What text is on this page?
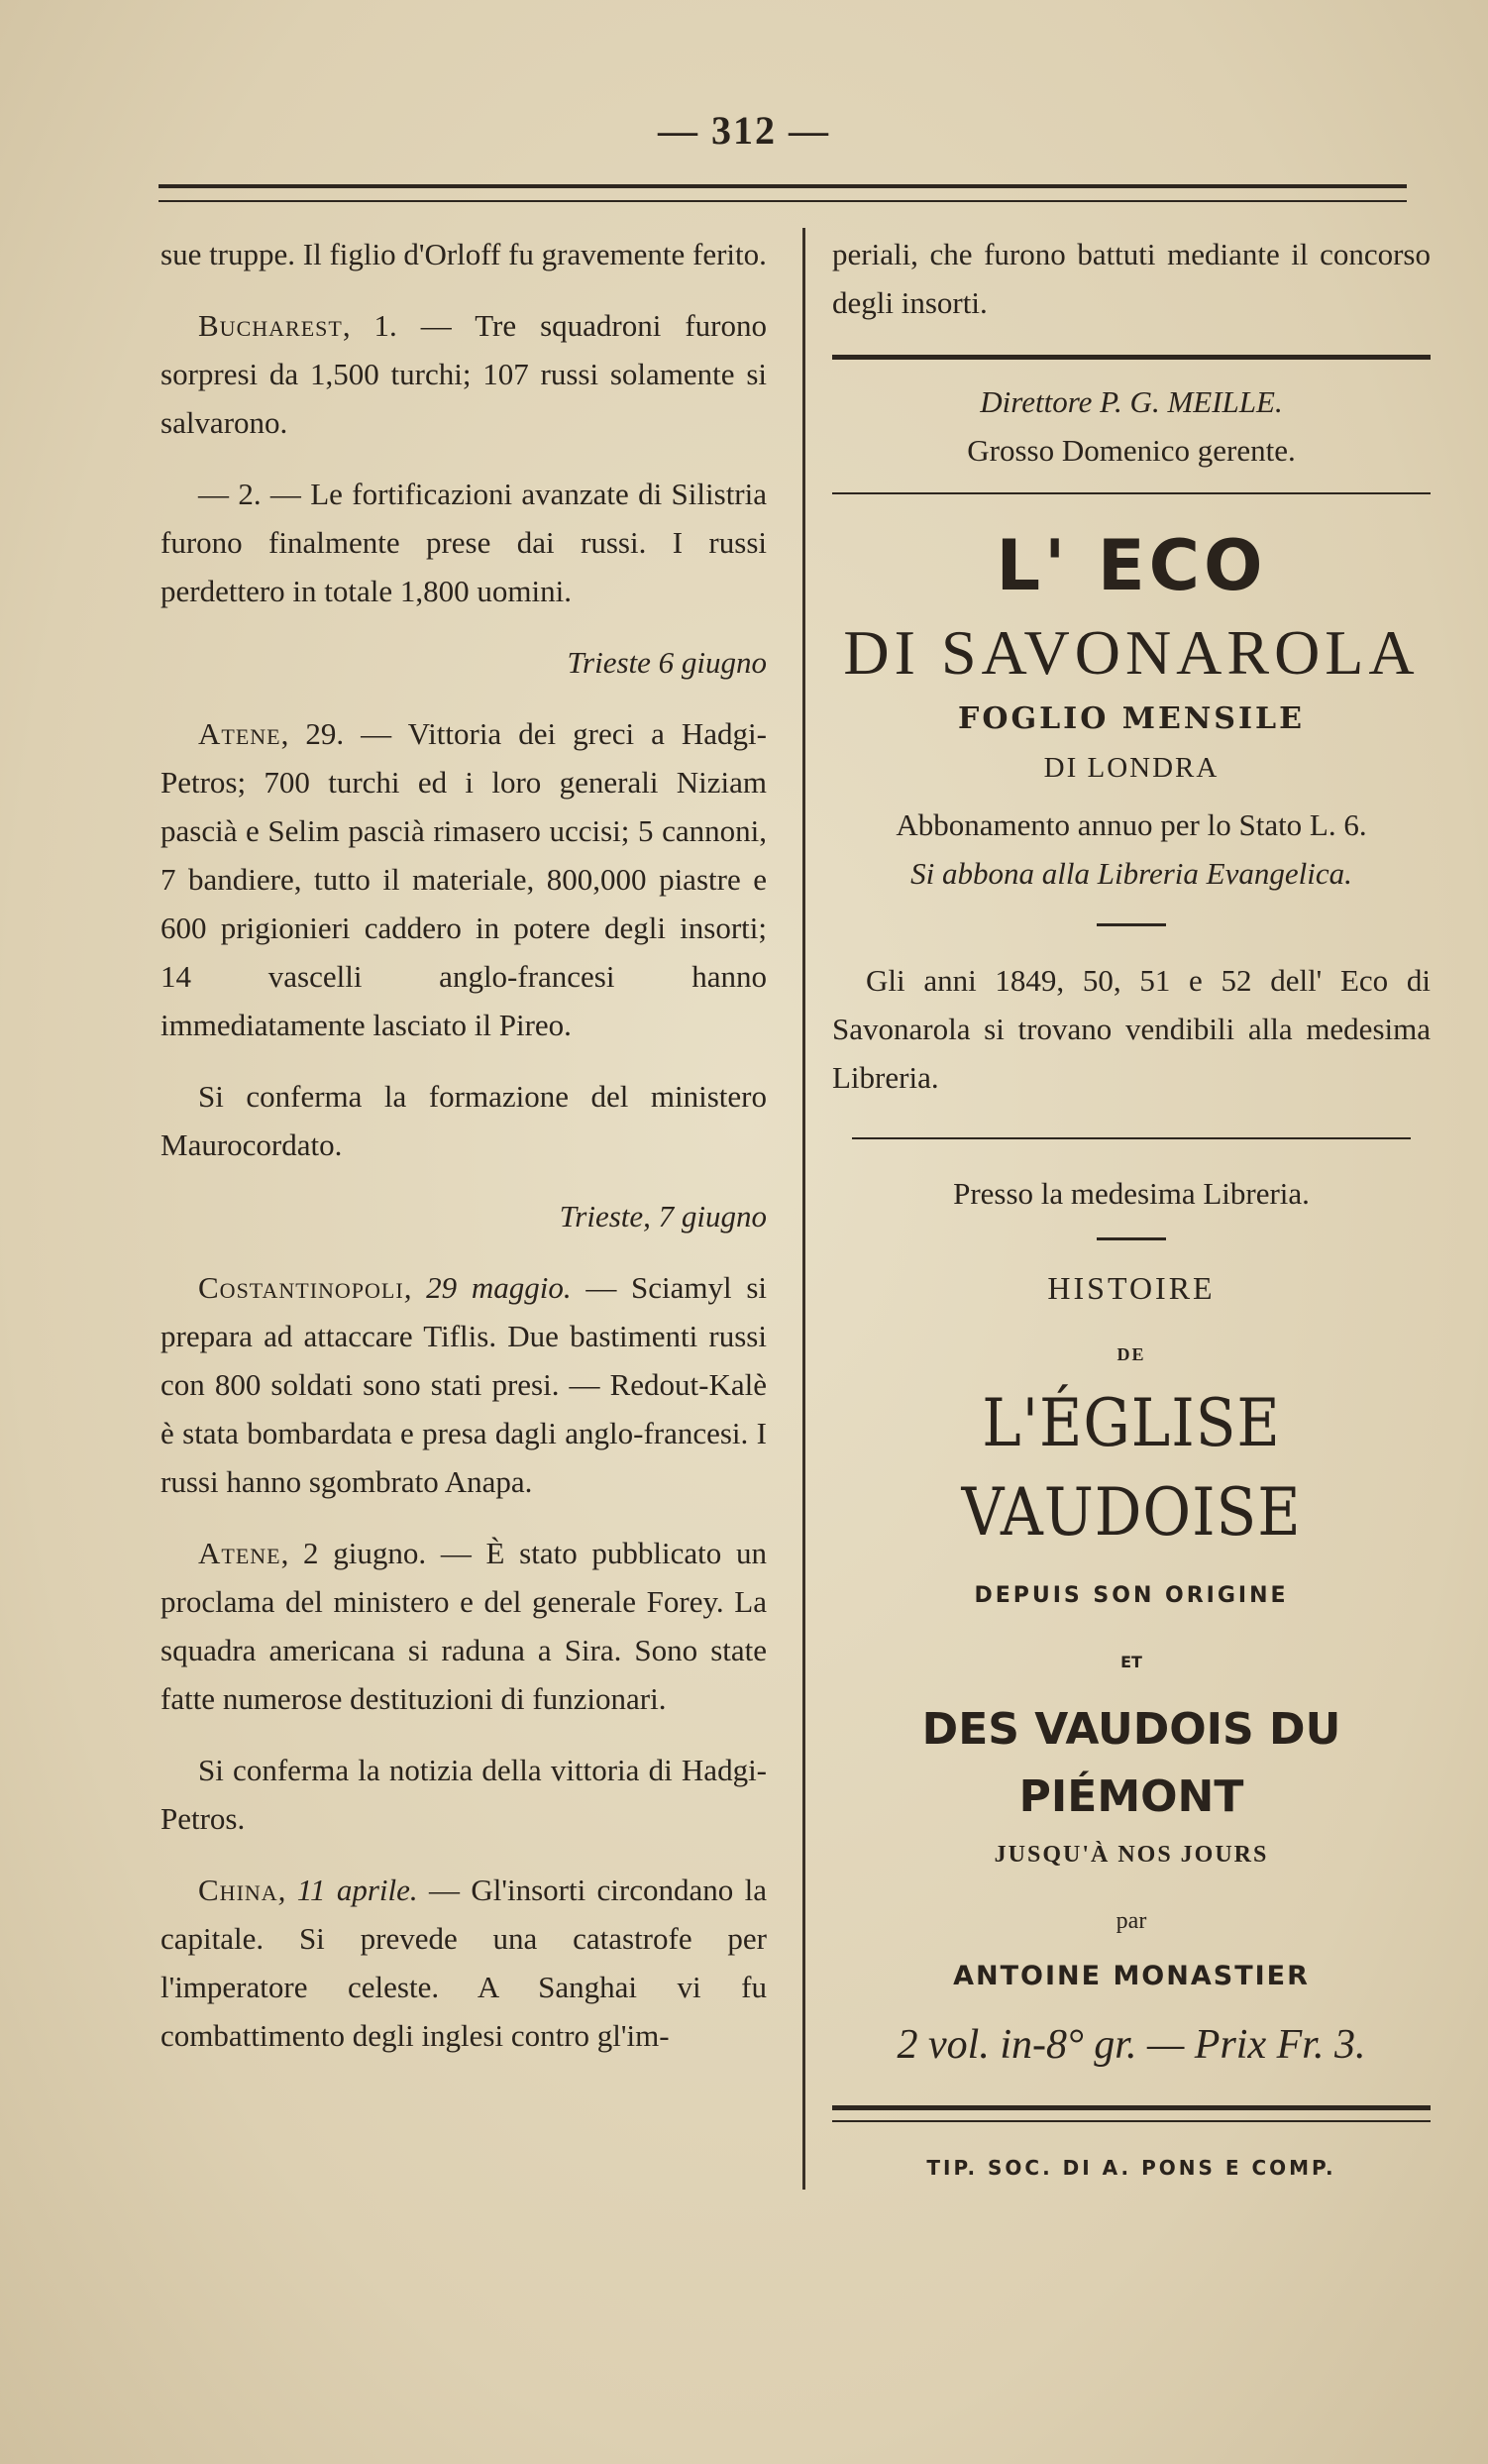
— 312 —

sue truppe. Il figlio d'Orloff fu gravemente ferito.

Bucharest, 1. — Tre squadroni furono sorpresi da 1,500 turchi; 107 russi solamente si salvarono.

— 2. — Le fortificazioni avanzate di Silistria furono finalmente prese dai russi. I russi perdettero in totale 1,800 uomini.

Trieste 6 giugno

Atene, 29. — Vittoria dei greci a Hadgi-Petros; 700 turchi ed i loro generali Niziam pascià e Selim pascià rimasero uccisi; 5 cannoni, 7 bandiere, tutto il materiale, 800,000 piastre e 600 prigionieri caddero in potere degli insorti; 14 vascelli anglo-francesi hanno immediatamente lasciato il Pireo.

Si conferma la formazione del ministero Maurocordato.

Trieste, 7 giugno

Costantinopoli, 29 maggio. — Sciamyl si prepara ad attaccare Tiflis. Due bastimenti russi con 800 soldati sono stati presi. — Redout-Kalè è stata bombardata e presa dagli anglo-francesi. I russi hanno sgombrato Anapa.

Atene, 2 giugno. — È stato pubblicato un proclama del ministero e del generale Forey. La squadra americana si raduna a Sira. Sono state fatte numerose destituzioni di funzionari.

Si conferma la notizia della vittoria di Hadgi-Petros.

China, 11 aprile. — Gl'insorti circondano la capitale. Si prevede una catastrofe per l'imperatore celeste. A Sanghai vi fu combattimento degli inglesi contro gl'im-

periali, che furono battuti mediante il concorso degli insorti.

Direttore P. G. MEILLE.

Grosso Domenico gerente.

L' ECO
DI SAVONAROLA
FOGLIO MENSILE
DI LONDRA

Abbonamento annuo per lo Stato L. 6.

Si abbona alla Libreria Evangelica.

Gli anni 1849, 50, 51 e 52 dell' Eco di Savonarola si trovano vendibili alla medesima Libreria.

Presso la medesima Libreria.

HISTOIRE
DE
L'ÉGLISE VAUDOISE
DEPUIS SON ORIGINE
ET
DES VAUDOIS DU PIÉMONT
JUSQU'À NOS JOURS
par
ANTOINE MONASTIER
2 vol. in-8° gr. — Prix Fr. 3.
TIP. SOC. DI A. PONS E COMP.
